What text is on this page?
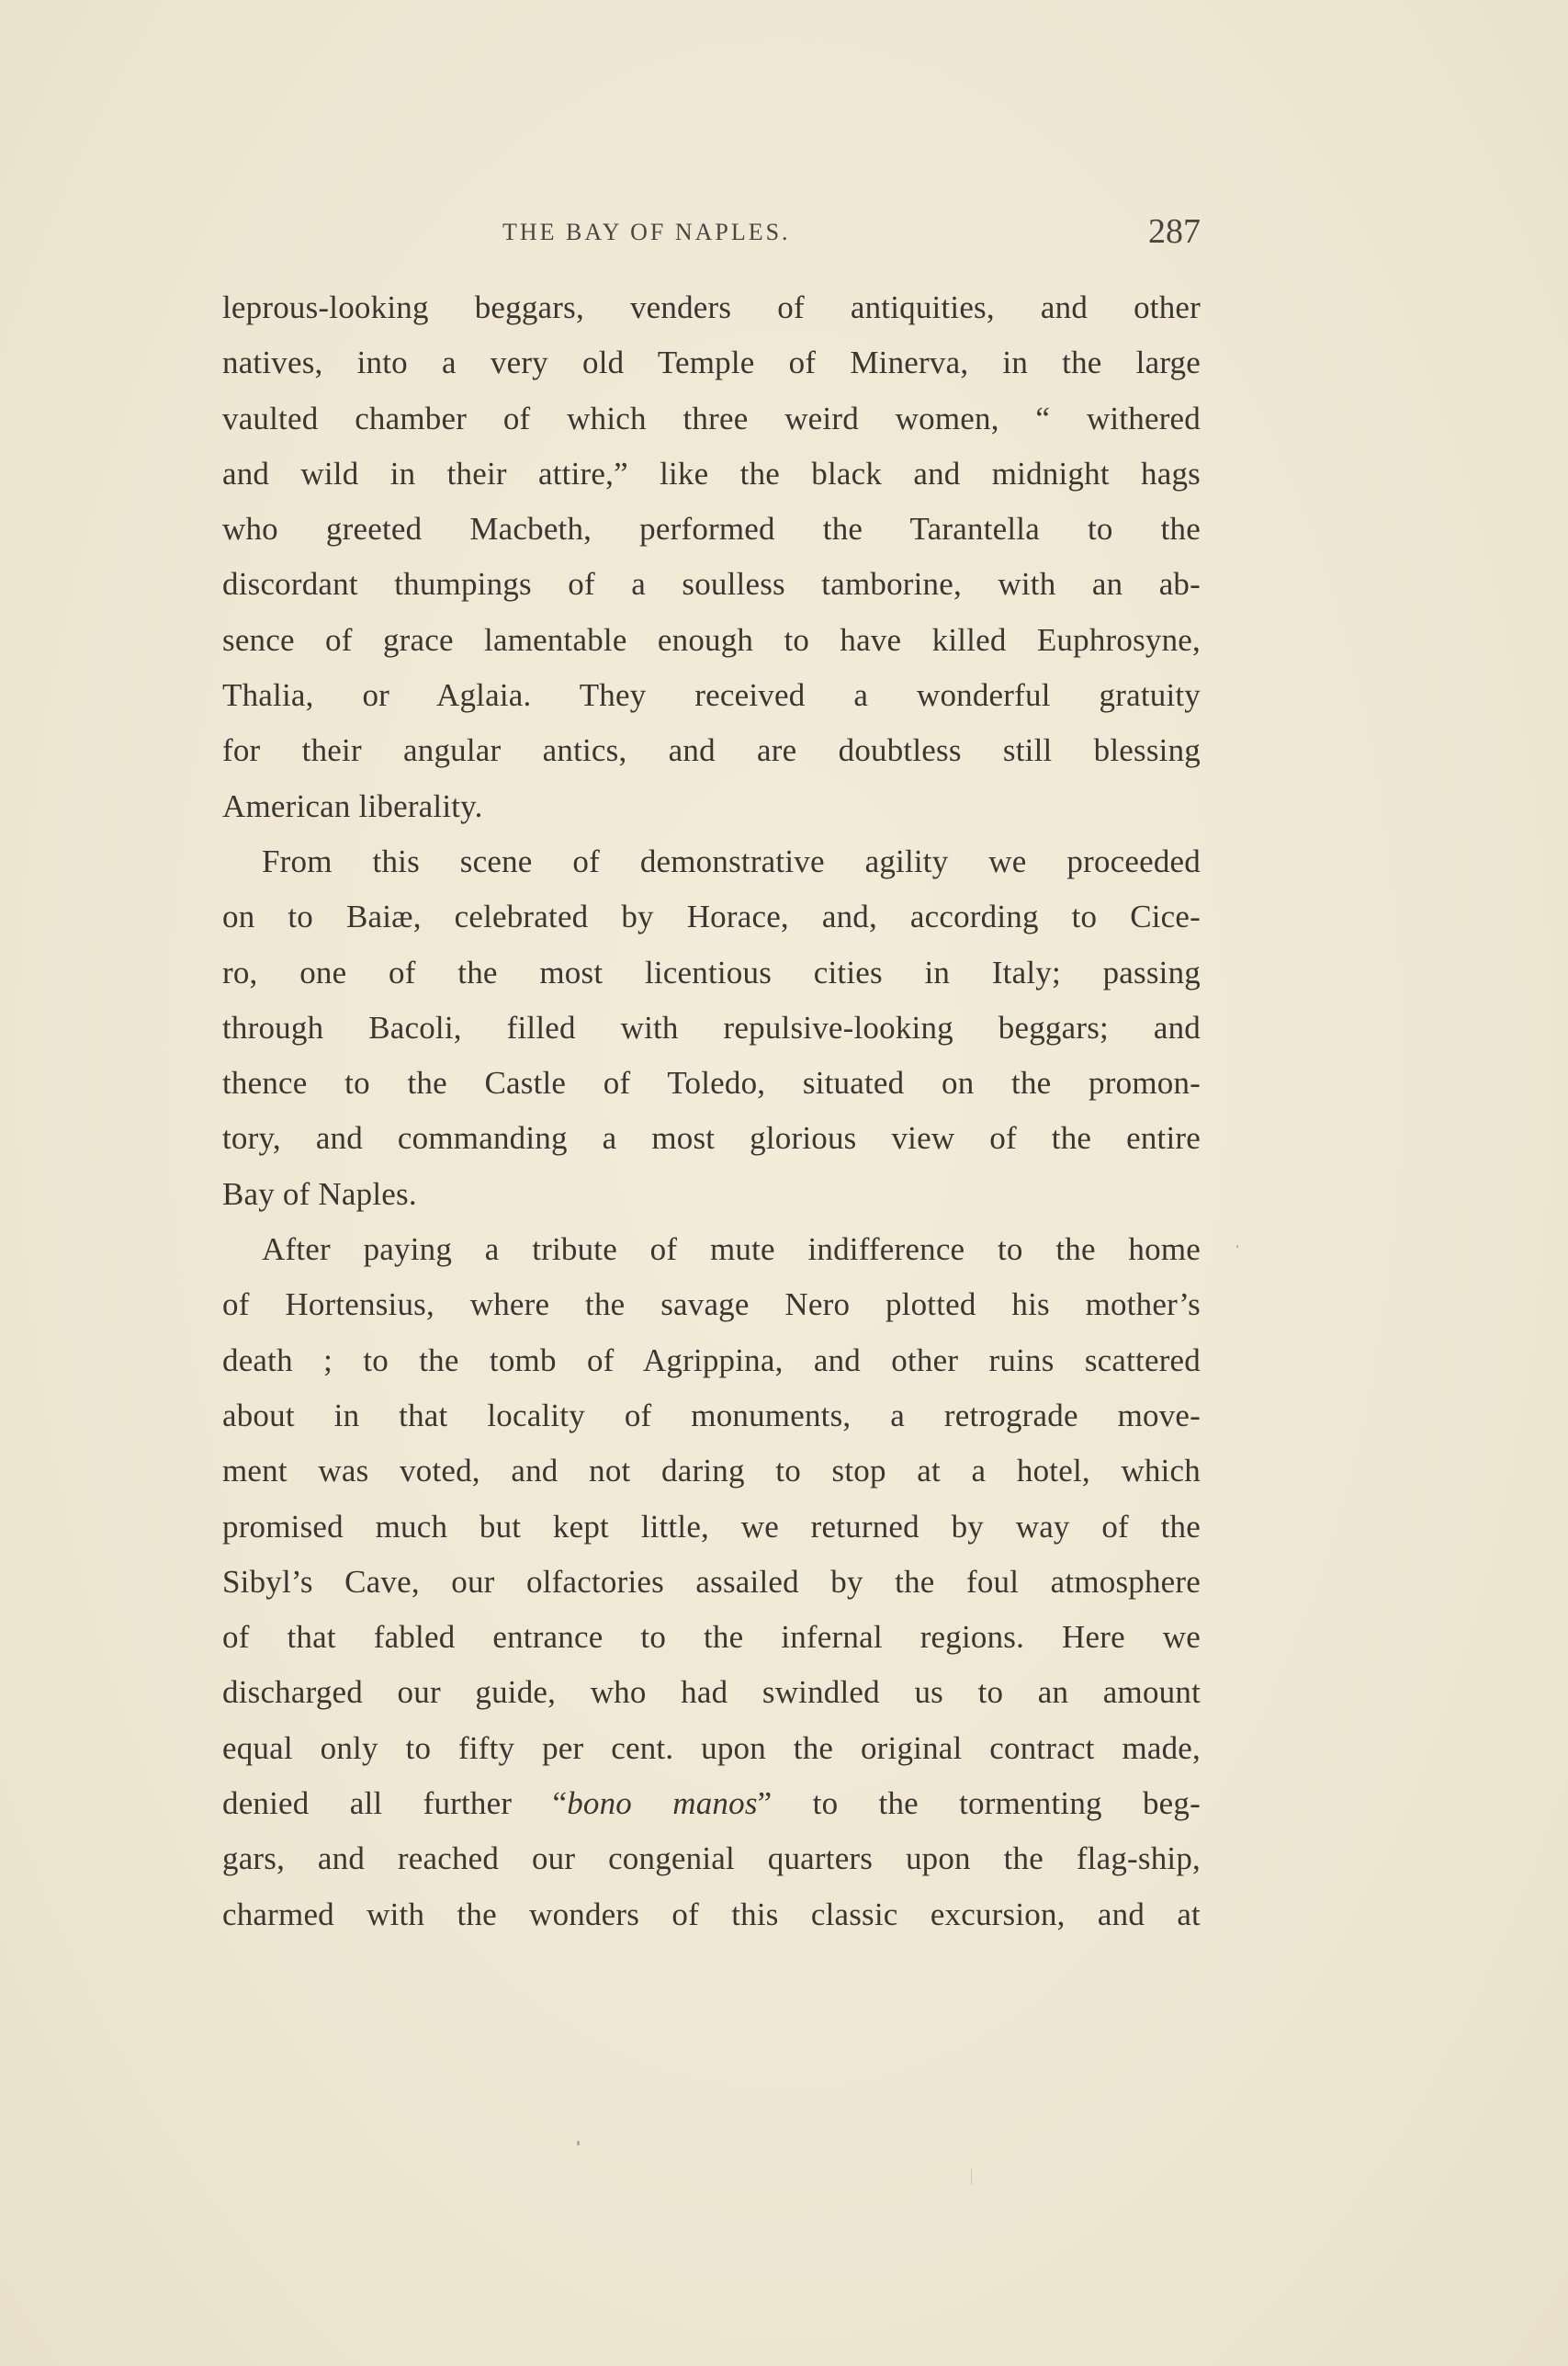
THE BAY OF NAPLES.	287
leprous-looking beggars, venders of antiquities, and other
natives, into a very old Temple of Minerva, in the large
vaulted chamber of which three weird women, “ withered
and wild in their attire,” like the black and midnight hags
who greeted Macbeth, performed the Tarantella to the
discordant thumpings of a soulless tamborine, with an ab-
sence of grace lamentable enough to have killed Euphrosyne,
Thalia, or Aglaia. They received a wonderful gratuity
for their angular antics, and are doubtless still blessing
American liberality.
From this scene of demonstrative agility we proceeded
on to Baiæ, celebrated by Horace, and, according to Cice-
ro, one of the most licentious cities in Italy; passing
through Bacoli, filled with repulsive-looking beggars; and
thence to the Castle of Toledo, situated on the promon-
tory, and commanding a most glorious view of the entire
Bay of Naples.
After paying a tribute of mute indifference to the home
of Hortensius, where the savage Nero plotted his mother’s
death ; to the tomb of Agrippina, and other ruins scattered
about in that locality of monuments, a retrograde move-
ment was voted, and not daring to stop at a hotel, which
promised much but kept little, we returned by way of the
Sibyl’s Cave, our olfactories assailed by the foul atmosphere
of that fabled entrance to the infernal regions. Here we
discharged our guide, who had swindled us to an amount
equal only to fifty per cent. upon the original contract made,
denied all further “bono manos” to the tormenting beg-
gars, and reached our congenial quarters upon the flag-ship,
charmed with the wonders of this classic excursion, and at
